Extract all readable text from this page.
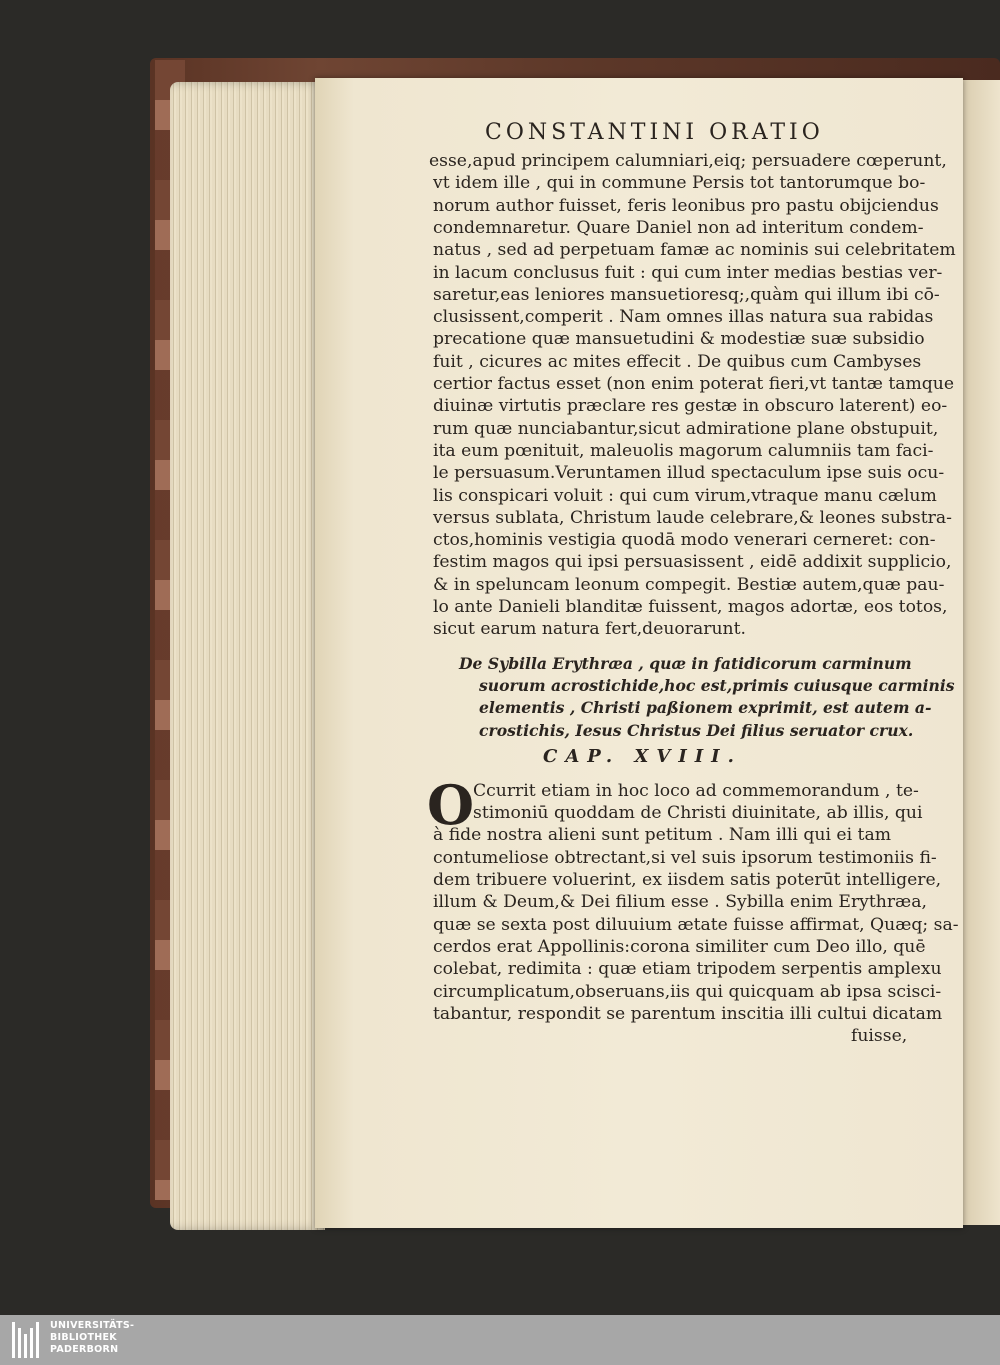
CONSTANTINI ORATIO
esse,apud principem calumniari,eiq; persuadere cœperunt,
vt idem ille , qui in commune Persis tot tantorumque bo-
norum author fuisset, feris leonibus pro pastu obijciendus
condemnaretur. Quare Daniel non ad interitum condem-
natus , sed ad perpetuam famæ ac nominis sui celebritatem
in lacum conclusus fuit : qui cum inter medias bestias ver-
saretur,eas leniores mansuetioresq;,quàm qui illum ibi cō-
clusissent,comperit . Nam omnes illas natura sua rabidas
precatione quæ mansuetudini & modestiæ suæ subsidio
fuit , cicures ac mites effecit . De quibus cum Cambyses
certior factus esset (non enim poterat fieri,vt tantæ tamque
diuinæ virtutis præclare res gestæ in obscuro laterent) eo-
rum quæ nunciabantur,sicut admiratione plane obstupuit,
ita eum pœnituit, maleuolis magorum calumniis tam faci-
le persuasum.Veruntamen illud spectaculum ipse suis ocu-
lis conspicari voluit : qui cum virum,vtraque manu cælum
versus sublata, Christum laude celebrare,& leones substra-
ctos,hominis vestigia quodā modo venerari cerneret: con-
festim magos qui ipsi persuasissent , eidē addixit supplicio,
& in speluncam leonum compegit. Bestiæ autem,quæ pau-
lo ante Danieli blanditæ fuissent, magos adortæ, eos totos,
sicut earum natura fert,deuorarunt.
De Sybilla Erythræa , quæ in fatidicorum carminum
suorum acrostichide,hoc est,primis cuiusque carminis
elementis , Christi paßionem exprimit, est autem a-
crostichis, Iesus Christus Dei filius seruator crux.
CAP. XVIII.
O
Ccurrit etiam in hoc loco ad commemorandum , te-
stimoniū quoddam de Christi diuinitate, ab illis, qui
à fide nostra alieni sunt petitum . Nam illi qui ei tam
contumeliose obtrectant,si vel suis ipsorum testimoniis fi-
dem tribuere voluerint, ex iisdem satis poterūt intelligere,
illum & Deum,& Dei filium esse . Sybilla enim Erythræa,
quæ se sexta post diluuium ætate fuisse affirmat, Quæq; sa-
cerdos erat Appollinis:corona similiter cum Deo illo, quē
colebat, redimita : quæ etiam tripodem serpentis amplexu
circumplicatum,obseruans,iis qui quicquam ab ipsa scisci-
tabantur, respondit se parentum inscitia illi cultui dicatam
fuisse,
UNIVERSITÄTS-
BIBLIOTHEK
PADERBORN
